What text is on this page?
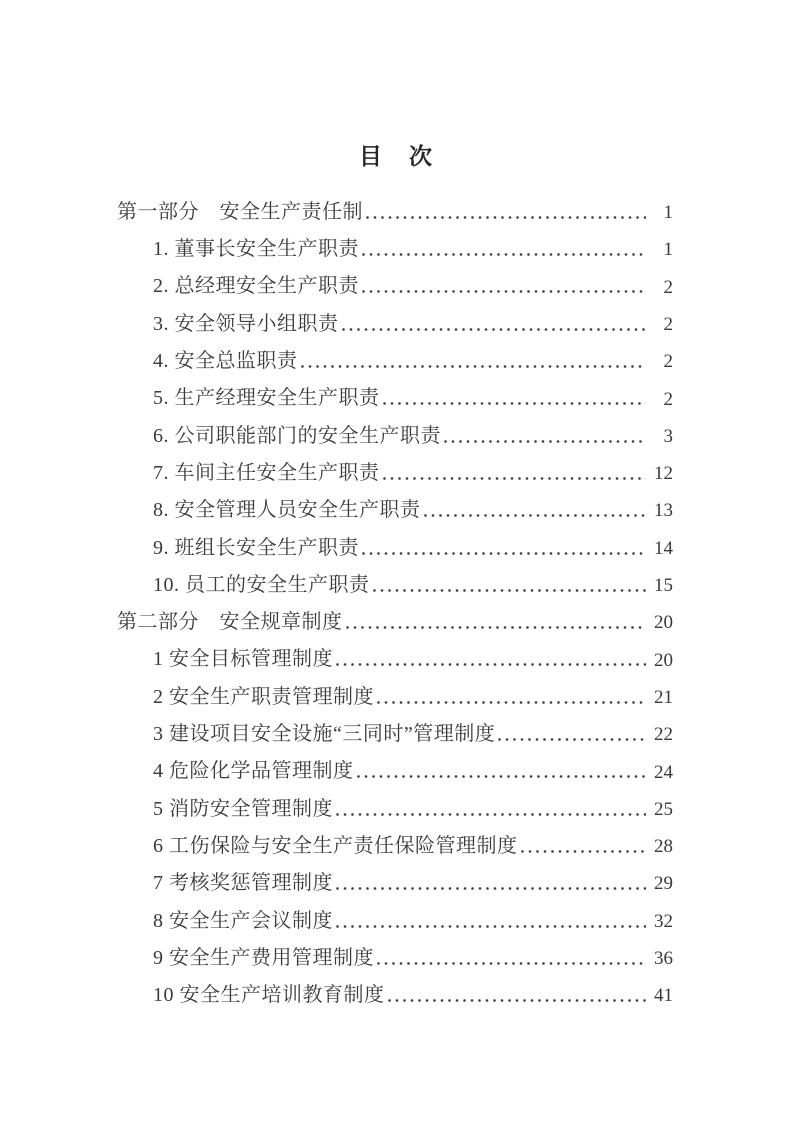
目　次
第一部分　安全生产责任制	1
1. 董事长安全生产职责	1
2. 总经理安全生产职责	2
3. 安全领导小组职责	2
4. 安全总监职责	2
5. 生产经理安全生产职责	2
6. 公司职能部门的安全生产职责	3
7. 车间主任安全生产职责	12
8. 安全管理人员安全生产职责	13
9. 班组长安全生产职责	14
10. 员工的安全生产职责	15
第二部分　安全规章制度	20
1 安全目标管理制度	20
2 安全生产职责管理制度	21
3 建设项目安全设施“三同时”管理制度	22
4 危险化学品管理制度	24
5 消防安全管理制度	25
6 工伤保险与安全生产责任保险管理制度	28
7 考核奖惩管理制度	29
8 安全生产会议制度	32
9 安全生产费用管理制度	36
10 安全生产培训教育制度	41
